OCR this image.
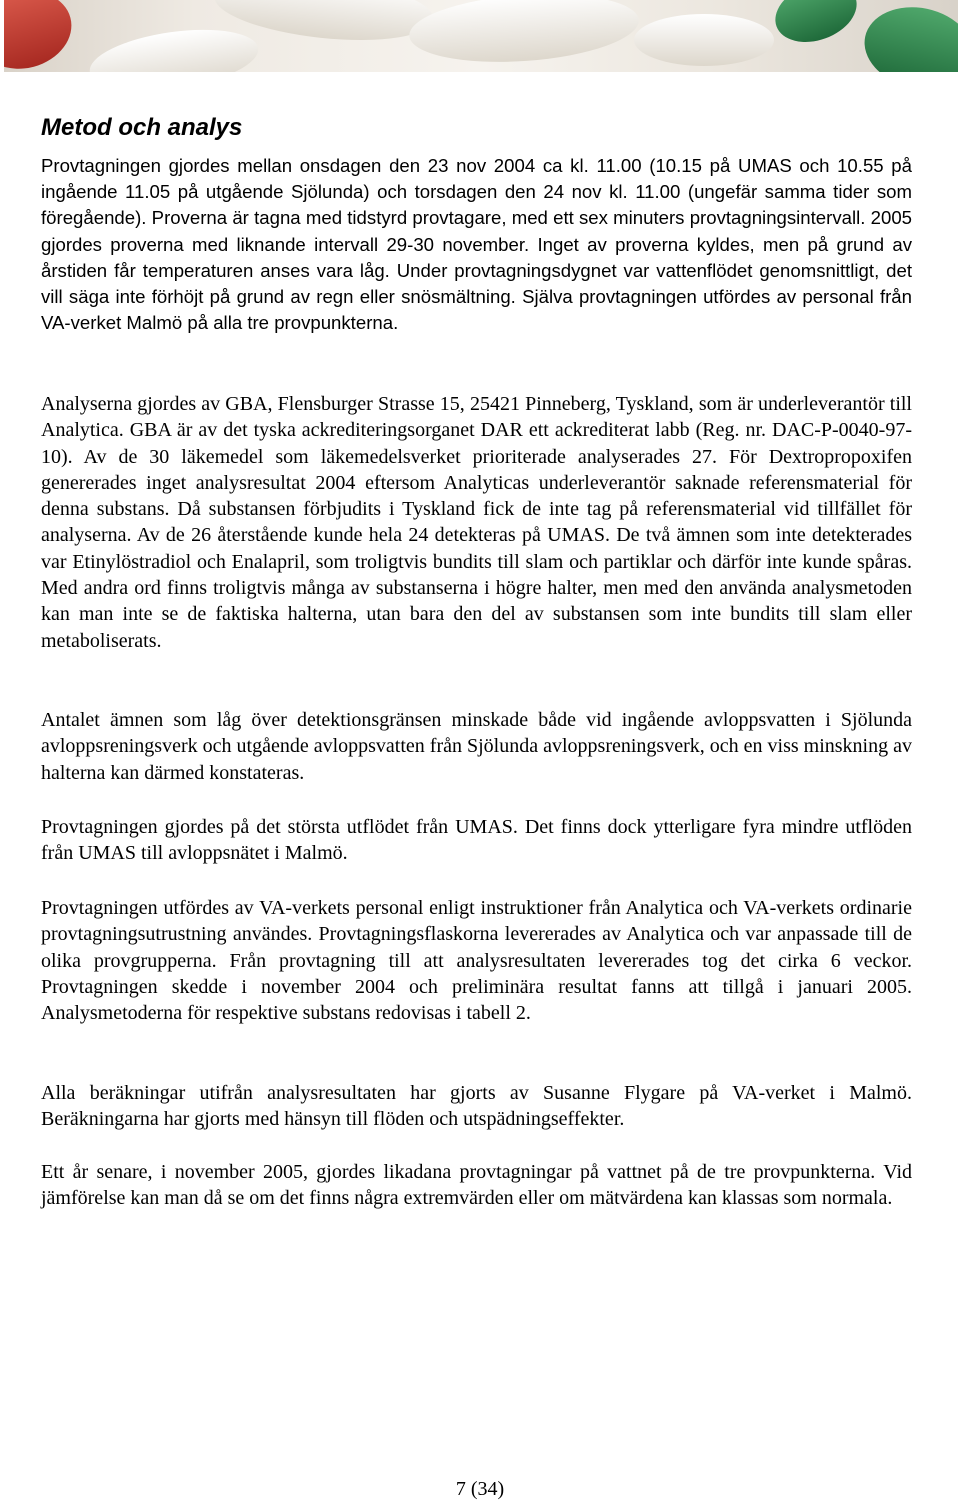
Metod och analys

Provtagningen gjordes mellan onsdagen den 23 nov 2004 ca kl. 11.00 (10.15 på UMAS och 10.55 på ingående 11.05 på utgående Sjölunda) och torsdagen den 24 nov kl. 11.00 (ungefär samma tider som föregående). Proverna är tagna med tidstyrd provtagare, med ett sex minuters provtagningsintervall. 2005 gjordes proverna med liknande intervall 29-30 november. Inget av proverna kyldes, men på grund av årstiden får temperaturen anses vara låg. Under provtagningsdygnet var vattenflödet genomsnittligt, det vill säga inte förhöjt på grund av regn eller snösmältning. Själva provtagningen utfördes av personal från VA-verket Malmö på alla tre provpunkterna.

Analyserna gjordes av GBA, Flensburger Strasse 15, 25421 Pinneberg, Tyskland, som är underleverantör till Analytica. GBA är av det tyska ackrediteringsorganet DAR ett ackrediterat labb (Reg. nr. DAC-P-0040-97-10). Av de 30 läkemedel som läkemedelsverket prioriterade analyserades 27. För Dextropropoxifen genererades inget analysresultat 2004 eftersom Analyticas underleverantör saknade referensmaterial för denna substans. Då substansen förbjudits i Tyskland fick de inte tag på referensmaterial vid tillfället för analyserna. Av de 26 återstående kunde hela 24 detekteras på UMAS. De två ämnen som inte detekterades var Etinylöstradiol och Enalapril, som troligtvis bundits till slam och partiklar och därför inte kunde spåras. Med andra ord finns troligtvis många av substanserna i högre halter, men med den använda analysmetoden kan man inte se de faktiska halterna, utan bara den del av substansen som inte bundits till slam eller metaboliserats.

Antalet ämnen som låg över detektionsgränsen minskade både vid ingående avloppsvatten i Sjölunda avloppsreningsverk och utgående avloppsvatten från Sjölunda avloppsreningsverk, och en viss minskning av halterna kan därmed konstateras.

Provtagningen gjordes på det största utflödet från UMAS. Det finns dock ytterligare fyra mindre utflöden från UMAS till avloppsnätet i Malmö.

Provtagningen utfördes av VA-verkets personal enligt instruktioner från Analytica och VA-verkets ordinarie provtagningsutrustning användes. Provtagningsflaskorna levererades av Analytica och var anpassade till de olika provgrupperna. Från provtagning till att analysresultaten levererades tog det cirka 6 veckor. Provtagningen skedde i november 2004 och preliminära resultat fanns att tillgå i januari 2005. Analysmetoderna för respektive substans redovisas i tabell 2.

Alla beräkningar utifrån analysresultaten har gjorts av Susanne Flygare på VA-verket i Malmö. Beräkningarna har gjorts med hänsyn till flöden och utspädningseffekter.

Ett år senare, i november 2005, gjordes likadana provtagningar på vattnet på de tre provpunkterna. Vid jämförelse kan man då se om det finns några extremvärden eller om mätvärdena kan klassas som normala.

7 (34)
